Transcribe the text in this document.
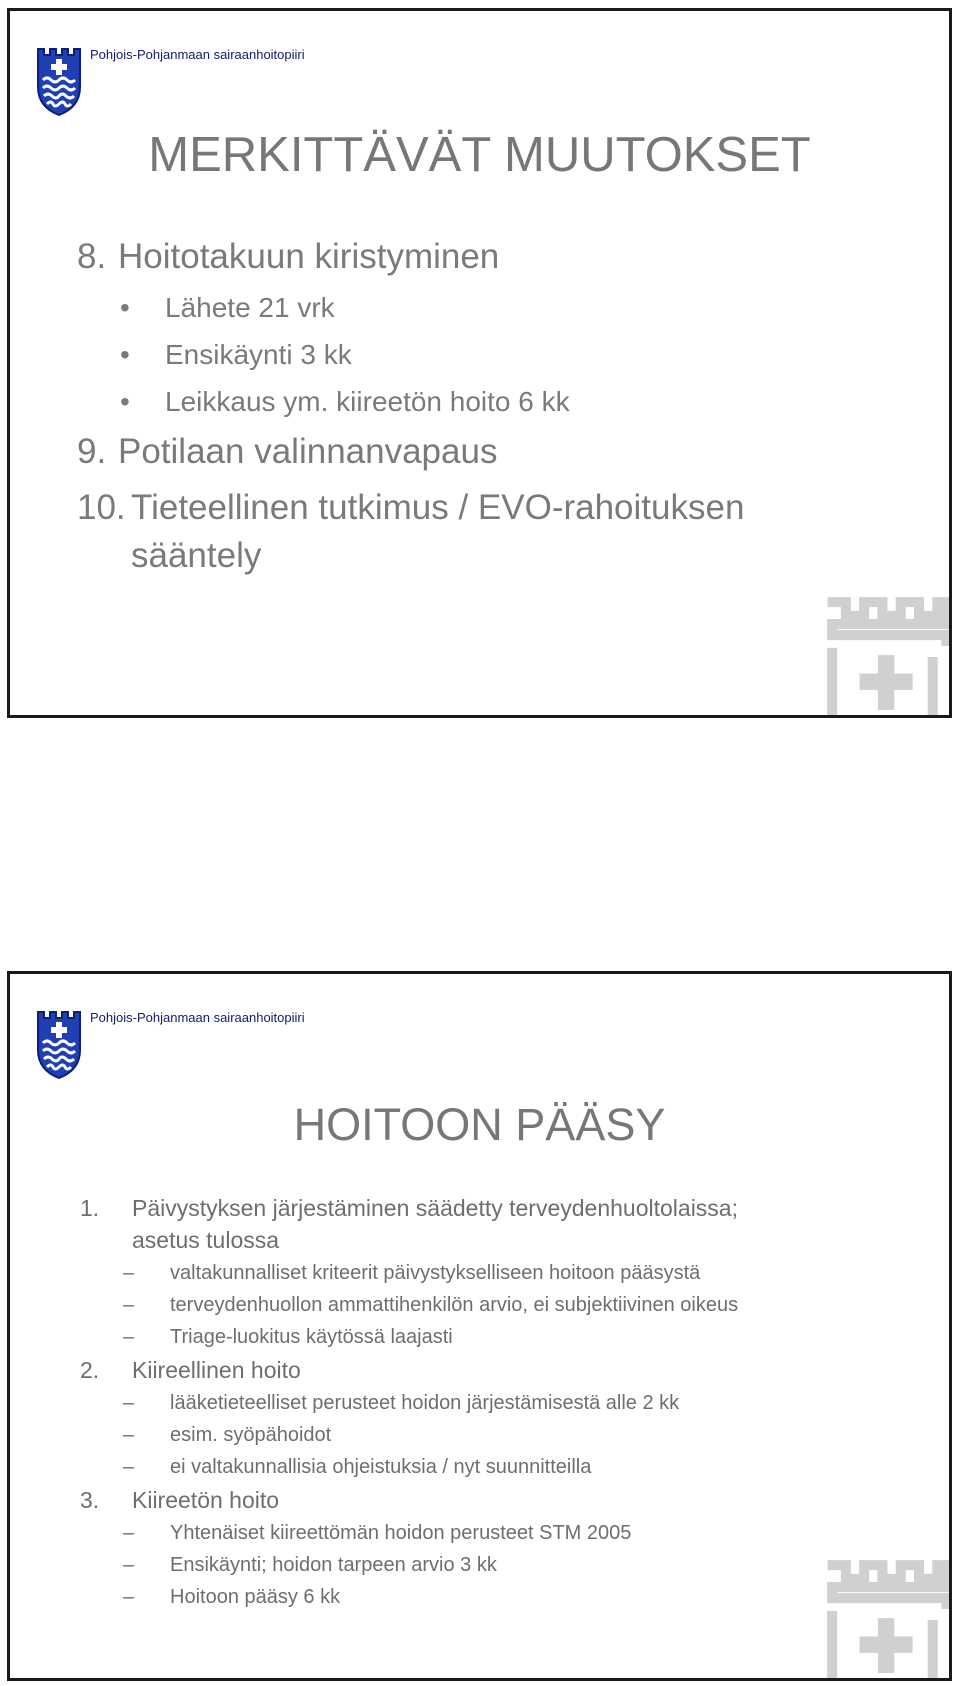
Pohjois-Pohjanmaan sairaanhoitopiiri
MERKITTÄVÄT MUUTOKSET
8. Hoitotakuun kiristyminen
• Lähete 21 vrk
• Ensikäynti 3 kk
• Leikkaus ym. kiireetön hoito 6 kk
9. Potilaan valinnanvapaus
10. Tieteellinen tutkimus / EVO-rahoituksen
sääntely
Pohjois-Pohjanmaan sairaanhoitopiiri
HOITOON PÄÄSY
1. Päivystyksen järjestäminen säädetty terveydenhuoltolaissa;
asetus tulossa
– valtakunnalliset kriteerit päivystykselliseen hoitoon pääsystä
– terveydenhuollon ammattihenkilön arvio, ei subjektiivinen oikeus
– Triage-luokitus käytössä laajasti
2. Kiireellinen hoito
– lääketieteelliset perusteet hoidon järjestämisestä alle 2 kk
– esim. syöpähoidot
– ei valtakunnallisia ohjeistuksia / nyt suunnitteilla
3. Kiireetön hoito
– Yhtenäiset kiireettömän hoidon perusteet STM 2005
– Ensikäynti; hoidon tarpeen arvio 3 kk
– Hoitoon pääsy 6 kk
